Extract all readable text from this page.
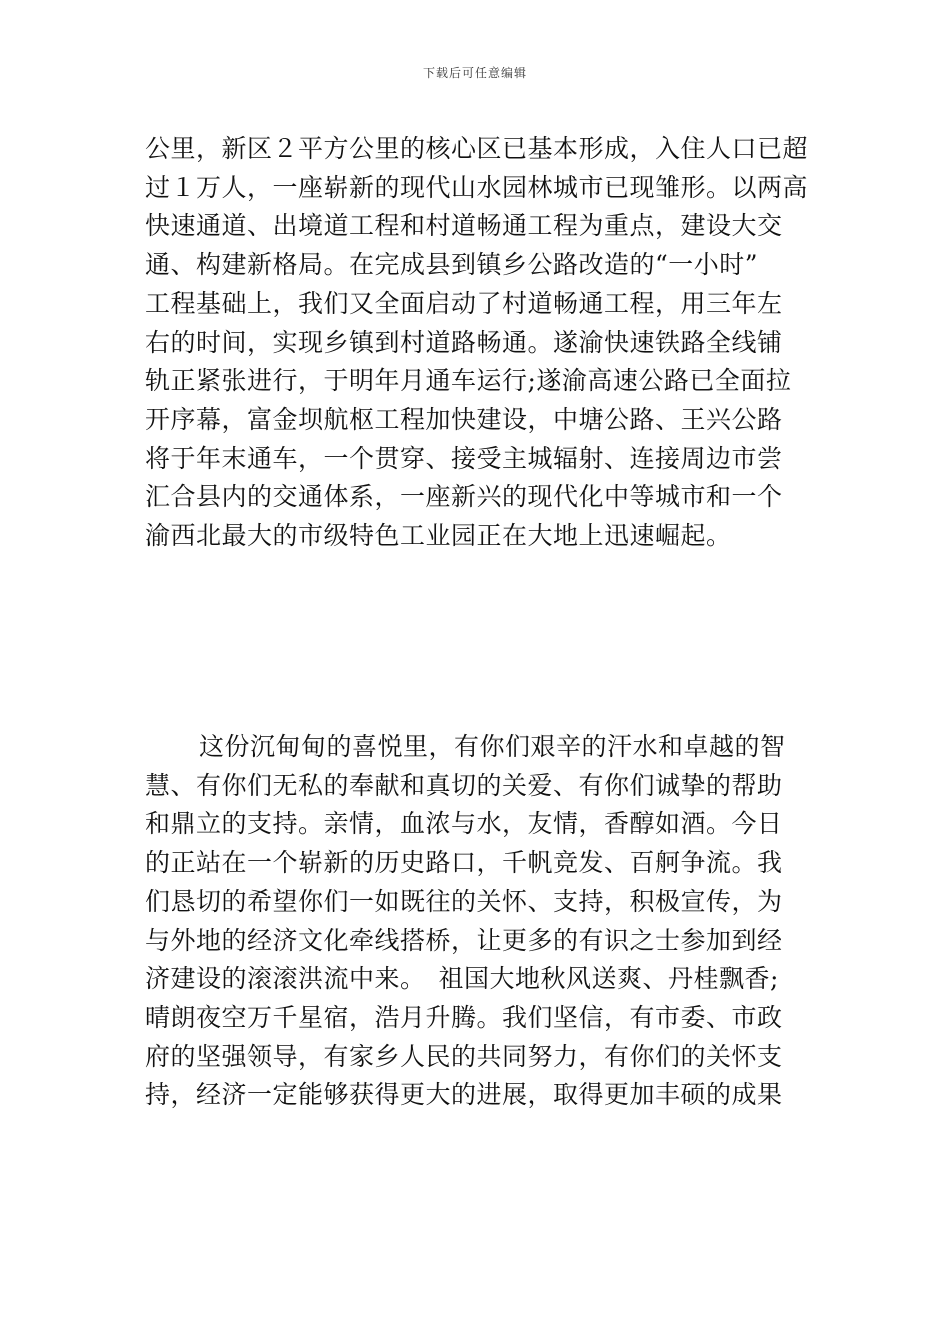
下载后可任意编辑
公里，新区２平方公里的核心区已基本形成，入住人口已超
过１万人，一座崭新的现代山水园林城市已现雏形。以两高
快速通道、出境道工程和村道畅通工程为重点，建设大交
通、构建新格局。在完成县到镇乡公路改造的“一小时”
工程基础上，我们又全面启动了村道畅通工程，用三年左
右的时间，实现乡镇到村道路畅通。遂渝快速铁路全线铺
轨正紧张进行，于明年月通车运行;遂渝高速公路已全面拉
开序幕，富金坝航枢工程加快建设，中塘公路、王兴公路
将于年末通车，一个贯穿、接受主城辐射、连接周边市尝
汇合县内的交通体系，一座新兴的现代化中等城市和一个
渝西北最大的市级特色工业园正在大地上迅速崛起。
这份沉甸甸的喜悦里，有你们艰辛的汗水和卓越的智
慧、有你们无私的奉献和真切的关爱、有你们诚挚的帮助
和鼎立的支持。亲情，血浓与水，友情，香醇如酒。今日
的正站在一个崭新的历史路口，千帆竞发、百舸争流。我
们恳切的希望你们一如既往的关怀、支持，积极宣传，为
与外地的经济文化牵线搭桥，让更多的有识之士参加到经
济建设的滚滚洪流中来。　祖国大地秋风送爽、丹桂飘香;
晴朗夜空万千星宿，浩月升腾。我们坚信，有市委、市政
府的坚强领导，有家乡人民的共同努力，有你们的关怀支
持，经济一定能够获得更大的进展，取得更加丰硕的成果
